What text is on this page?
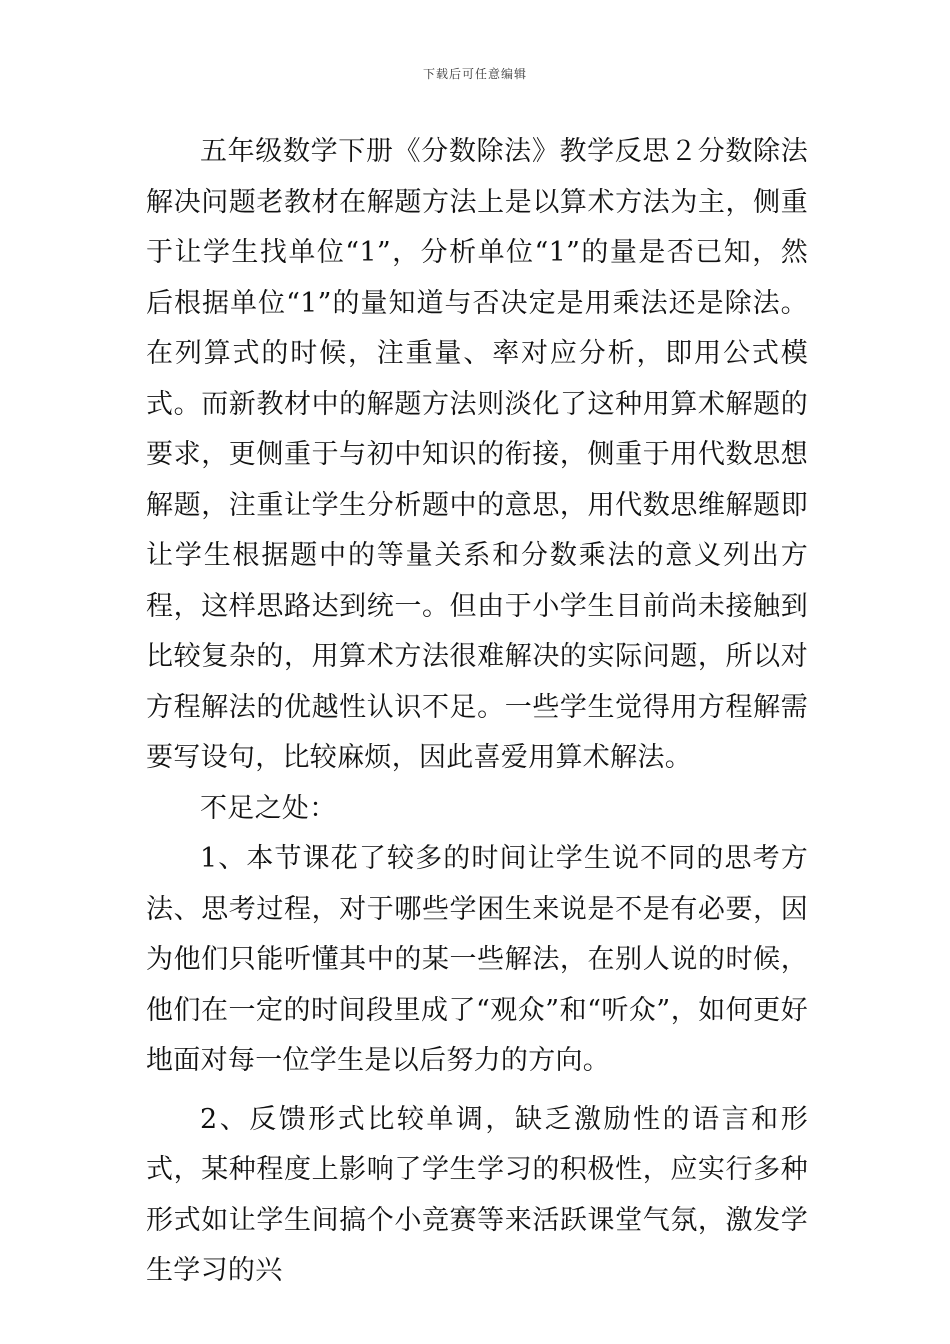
下载后可任意编辑

五年级数学下册《分数除法》教学反思２分数除法解决问题老教材在解题方法上是以算术方法为主，侧重于让学生找单位“1”，分析单位“1”的量是否已知，然后根据单位“1”的量知道与否决定是用乘法还是除法。在列算式的时候，注重量、率对应分析，即用公式模式。而新教材中的解题方法则淡化了这种用算术解题的要求，更侧重于与初中知识的衔接，侧重于用代数思想解题，注重让学生分析题中的意思，用代数思维解题即让学生根据题中的等量关系和分数乘法的意义列出方程，这样思路达到统一。但由于小学生目前尚未接触到比较复杂的，用算术方法很难解决的实际问题，所以对方程解法的优越性认识不足。一些学生觉得用方程解需要写设句，比较麻烦，因此喜爱用算术解法。

不足之处：

1、本节课花了较多的时间让学生说不同的思考方法、思考过程，对于哪些学困生来说是不是有必要，因为他们只能听懂其中的某一些解法，在别人说的时候，他们在一定的时间段里成了“观众”和“听众”，如何更好地面对每一位学生是以后努力的方向。

2、反馈形式比较单调，缺乏激励性的语言和形式，某种程度上影响了学生学习的积极性，应实行多种形式如让学生间搞个小竞赛等来活跃课堂气氛，激发学生学习的兴
